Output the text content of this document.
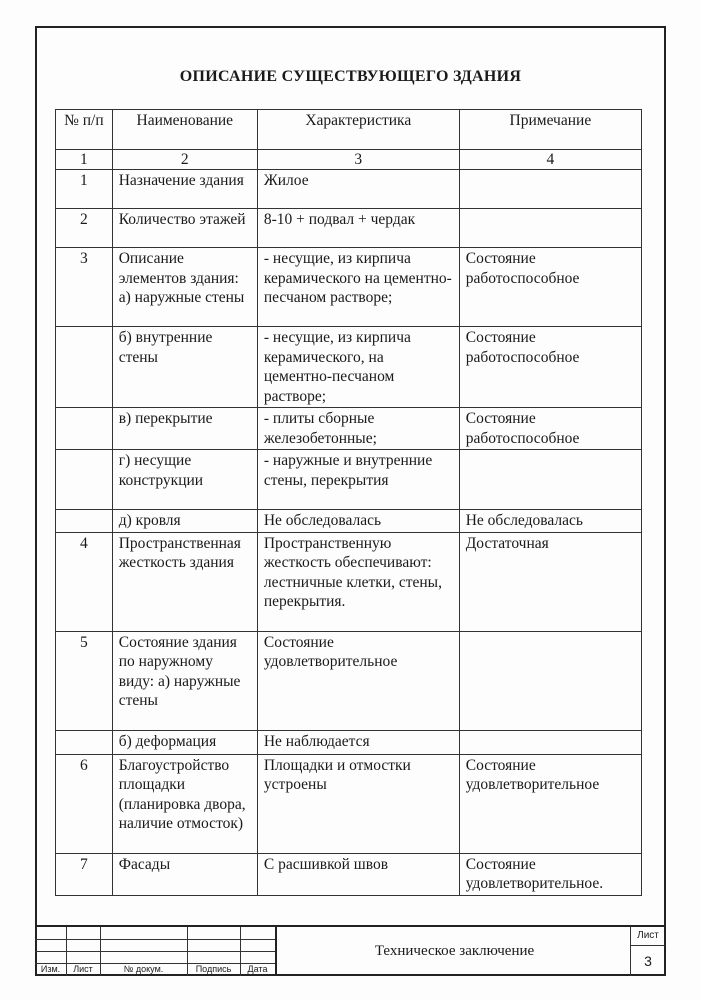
ОПИСАНИЕ СУЩЕСТВУЮЩЕГО ЗДАНИЯ
№ п/п	Наименование	Характеристика	Примечание
1	2	3	4
1	Назначение здания	Жилое	
2	Количество этажей	8-10 + подвал + чердак	
3	Описание элементов здания: а) наружные стены	- несущие, из кирпича керамического на цементно-песчаном растворе;	Состояние работоспособное
	б) внутренние стены	- несущие, из кирпича керамического, на цементно-песчаном растворе;	Состояние работоспособное
	в) перекрытие	- плиты сборные железобетонные;	Состояние работоспособное
	г) несущие конструкции	- наружные и внутренние стены, перекрытия	
	д) кровля	Не обследовалась	Не обследовалась
4	Пространственная жесткость здания	Пространственную жесткость обеспечивают: лестничные клетки, стены, перекрытия.	Достаточная
5	Состояние здания по наружному виду: а) наружные стены	Состояние удовлетворительное	
	б) деформация	Не наблюдается	
6	Благоустройство площадки (планировка двора, наличие отмосток)	Площадки и отмостки устроены	Состояние удовлетворительное
7	Фасады	С расшивкой швов	Состояние удовлетворительное.
Изм.	Лист	№ докум.	Подпись	Дата
Техническое заключение
Лист
3
